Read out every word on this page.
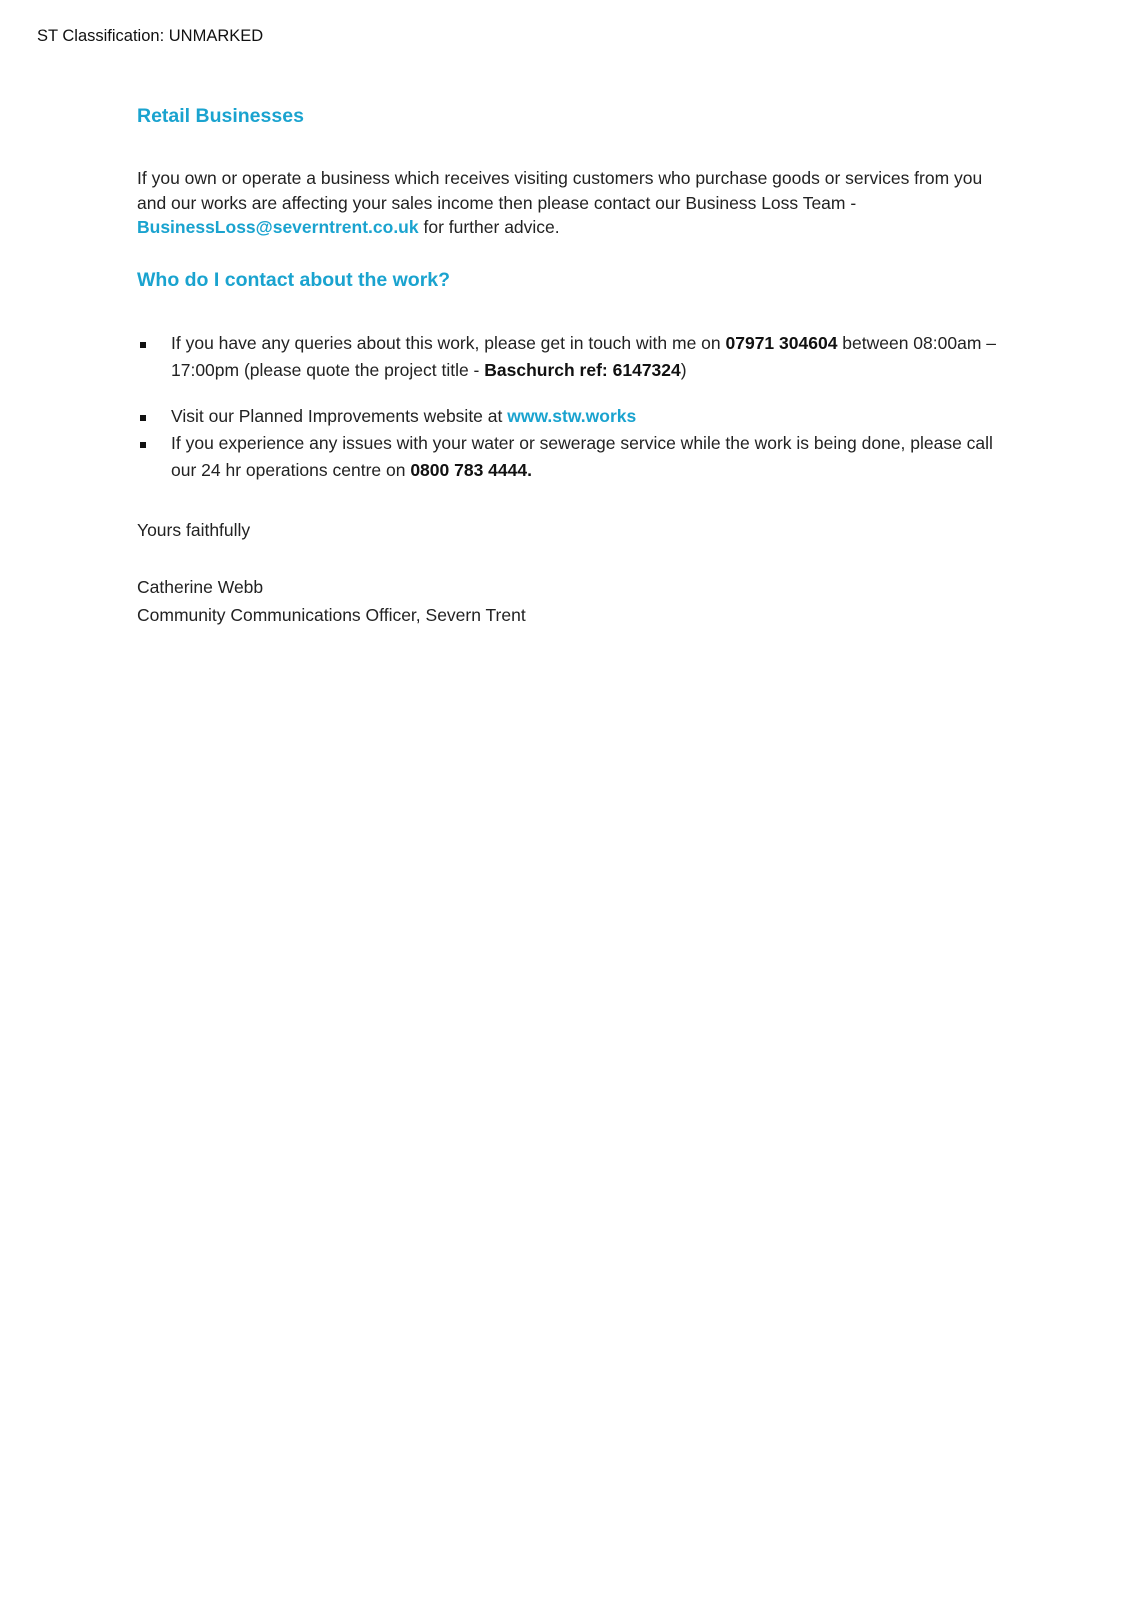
ST Classification: UNMARKED
Retail Businesses

If you own or operate a business which receives visiting customers who purchase goods or services from you and our works are affecting your sales income then please contact our Business Loss Team - BusinessLoss@severntrent.co.uk for further advice.

Who do I contact about the work?
If you have any queries about this work, please get in touch with me on 07971 304604 between 08:00am – 17:00pm (please quote the project title - Baschurch ref: 6147324)
Visit our Planned Improvements website at www.stw.works
If you experience any issues with your water or sewerage service while the work is being done, please call our 24 hr operations centre on 0800 783 4444.

Yours faithfully

Catherine Webb
Community Communications Officer, Severn Trent
